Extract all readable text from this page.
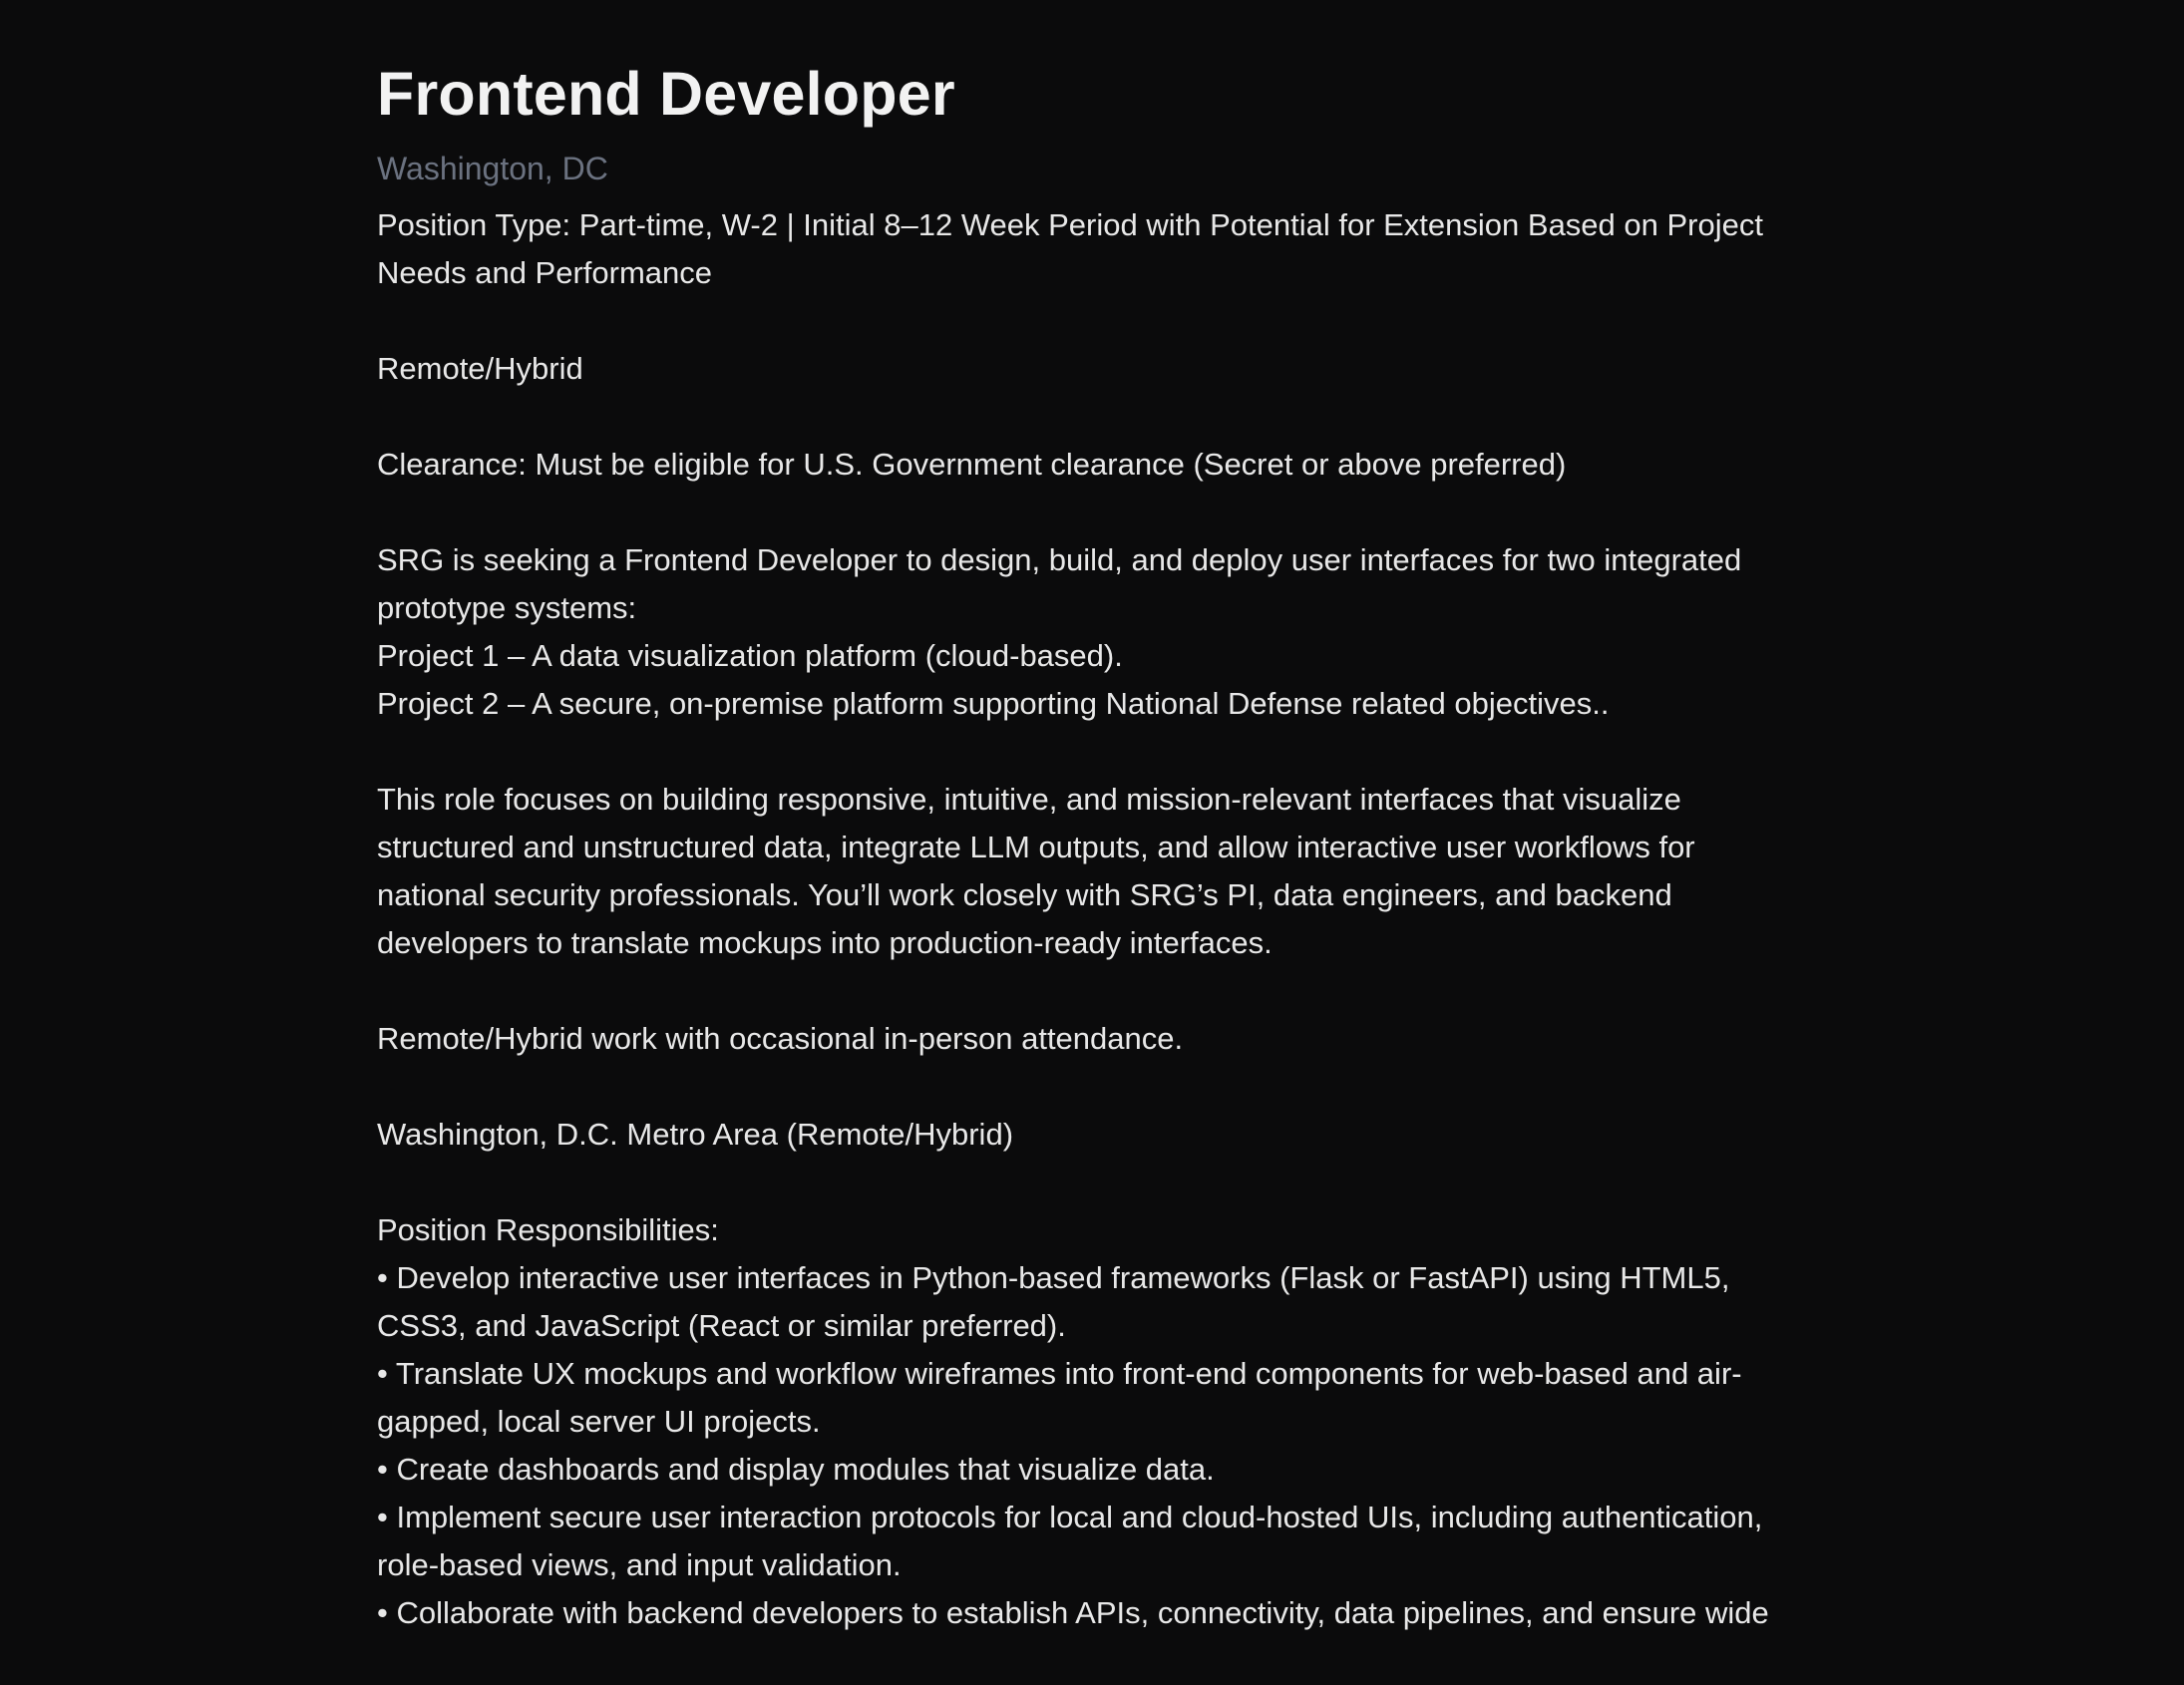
Frontend Developer
Washington, DC

Position Type: Part-time, W-2 | Initial 8–12 Week Period with Potential for Extension Based on Project Needs and Performance

Remote/Hybrid

Clearance: Must be eligible for U.S. Government clearance (Secret or above preferred)

SRG is seeking a Frontend Developer to design, build, and deploy user interfaces for two integrated prototype systems:
Project 1 – A data visualization platform (cloud-based).
Project 2 – A secure, on-premise platform supporting National Defense related objectives..

This role focuses on building responsive, intuitive, and mission-relevant interfaces that visualize structured and unstructured data, integrate LLM outputs, and allow interactive user workflows for national security professionals. You’ll work closely with SRG’s PI, data engineers, and backend developers to translate mockups into production-ready interfaces.

Remote/Hybrid work with occasional in-person attendance.

Washington, D.C. Metro Area (Remote/Hybrid)

Position Responsibilities:
• Develop interactive user interfaces in Python-based frameworks (Flask or FastAPI) using HTML5, CSS3, and JavaScript (React or similar preferred).
• Translate UX mockups and workflow wireframes into front-end components for web-based and air-gapped, local server UI projects.
• Create dashboards and display modules that visualize data.
• Implement secure user interaction protocols for local and cloud-hosted UIs, including authentication, role-based views, and input validation.
• Collaborate with backend developers to establish APIs, connectivity, data pipelines, and ensure wide
